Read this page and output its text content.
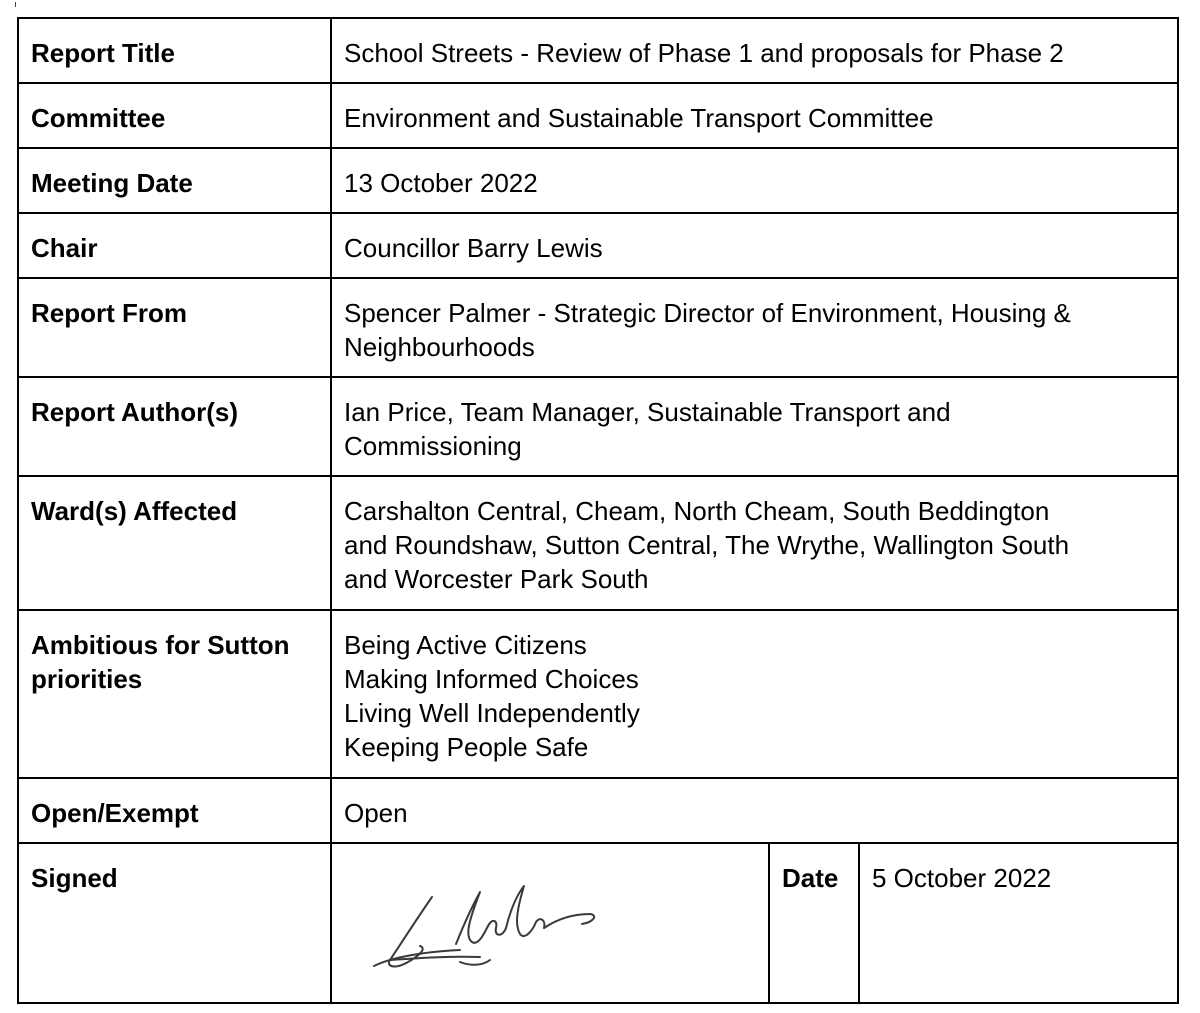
Report Title	School Streets - Review of Phase 1 and proposals for Phase 2		
Committee	Environment and Sustainable Transport Committee		
Meeting Date	13 October 2022		
Chair	Councillor Barry Lewis		
Report From	Spencer Palmer - Strategic Director of Environment, Housing &
Neighbourhoods		

Report Author(s)	Ian Price, Team Manager, Sustainable Transport and
Commissioning		

Ward(s) Affected	Carshalton Central, Cheam, North Cheam, South Beddington
and Roundshaw, Sutton Central, The Wrythe, Wallington South
and Worcester Park South		

Ambitious for Sutton
priorities	Being Active Citizens
Making Informed Choices
Living Well Independently
Keeping People Safe		

Open/Exempt	Open		
Signed		Date	5 October 2022
